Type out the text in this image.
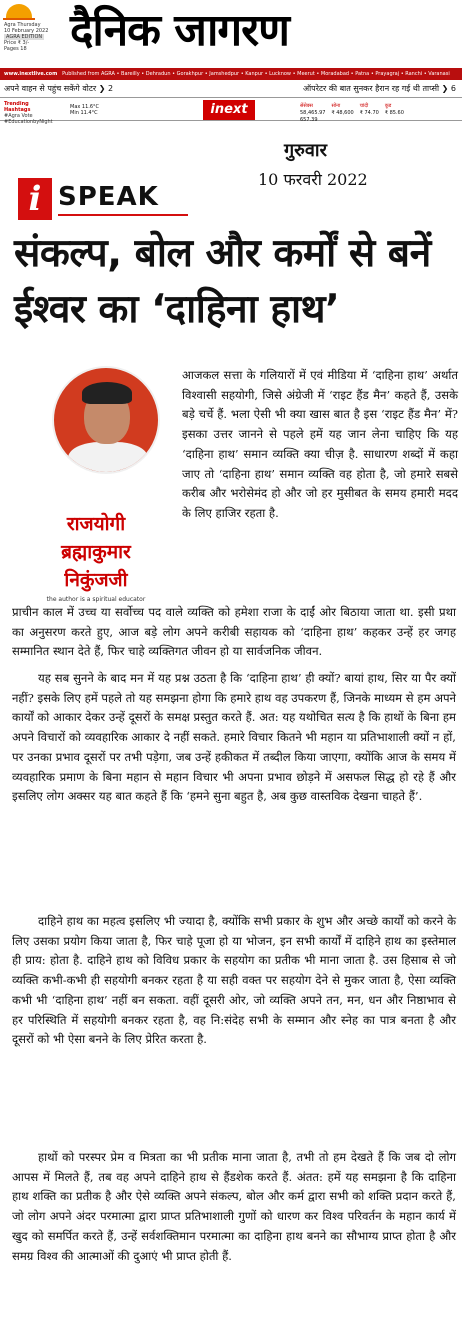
Agra Thursday
10 February 2022
AGRA EDITION
Price ₹ 3/-
Pages 18 दैनिक जागरण
www.inextlive.com Published from AGRA • Bareilly • Dehradun • Gorakhpur • Jamshedpur • Kanpur • Lucknow • Meerut • Moradabad • Patna • Prayagraj • Ranchi • Varanasi
अपने वाहन से पहुंच सकेंगे वोटर ❯ 2	ऑपरेटर की बात सुनकर हैरान रह गई थी ताप्सी ❯ 6
Trending Hashtags
#Agra Vote
#EducationbyNight
Max 11.6°C
Min 11.4°C	inext	सेंसेक्स
58,465.97
657.39
सोना
₹ 48,600
चांदी
₹ 74.70
कूड
₹ 85.60
गुरुवार
10 फरवरी 2022
i SPEAK
संकल्प, बोल और कर्मों से बनें ईश्वर का ‘दाहिना हाथ’
राजयोगी
ब्रह्माकुमार
निकुंजजी
the author is a spiritual educator
आजकल सत्ता के गलियारों में एवं मीडिया में ‘दाहिना हाथ’ अर्थात विश्वासी सहयोगी, जिसे अंग्रेजी में ‘राइट हैंड मैन’ कहते हैं, उसके बड़े चर्चे हैं. भला ऐसी भी क्या खास बात है इस ‘राइट हैंड मैन’ में? इसका उत्तर जानने से पहले हमें यह जान लेना चाहिए कि यह ‘दाहिना हाथ’ समान व्यक्ति क्या चीज़ है. साधारण शब्दों में कहा जाए तो ‘दाहिना हाथ’ समान व्यक्ति वह होता है, जो हमारे सबसे करीब और भरोसेमंद हो और जो हर मुसीबत के समय हमारी मदद के लिए हाजिर रहता है.
प्राचीन काल में उच्च या सर्वोच्च पद वाले व्यक्ति को हमेशा राजा के दाईं ओर बिठाया जाता था. इसी प्रथा का अनुसरण करते हुए, आज बड़े लोग अपने करीबी सहायक को ‘दाहिना हाथ’ कहकर उन्हें हर जगह सम्मानित स्थान देते हैं, फिर चाहे व्यक्तिगत जीवन हो या सार्वजनिक जीवन.
यह सब सुनने के बाद मन में यह प्रश्न उठता है कि ‘दाहिना हाथ’ ही क्यों? बायां हाथ, सिर या पैर क्यों नहीं? इसके लिए हमें पहले तो यह समझना होगा कि हमारे हाथ वह उपकरण हैं, जिनके माध्यम से हम अपने कार्यों को आकार देकर उन्हें दूसरों के समक्ष प्रस्तुत करते हैं. अत: यह यथोचित सत्य है कि हाथों के बिना हम अपने विचारों को व्यवहारिक आकार दे नहीं सकते. हमारे विचार कितने भी महान या प्रतिभाशाली क्यों न हों, पर उनका प्रभाव दूसरों पर तभी पड़ेगा, जब उन्हें हकीकत में तब्दील किया जाएगा, क्योंकि आज के समय में व्यवहारिक प्रमाण के बिना महान से महान विचार भी अपना प्रभाव छोड़ने में असफल सिद्ध हो रहे हैं और इसलिए लोग अक्सर यह बात कहते हैं कि ‘हमने सुना बहुत है, अब कुछ वास्तविक देखना चाहते हैं’.
दाहिने हाथ का महत्व इसलिए भी ज्यादा है, क्योंकि सभी प्रकार के शुभ और अच्छे कार्यों को करने के लिए उसका प्रयोग किया जाता है, फिर चाहे पूजा हो या भोजन, इन सभी कार्यों में दाहिने हाथ का इस्तेमाल ही प्राय: होता है. दाहिने हाथ को विविध प्रकार के सहयोग का प्रतीक भी माना जाता है. उस हिसाब से जो व्यक्ति कभी-कभी ही सहयोगी बनकर रहता है या सही वक्त पर सहयोग देने से मुकर जाता है, ऐसा व्यक्ति कभी भी ‘दाहिना हाथ’ नहीं बन सकता. वहीं दूसरी ओर, जो व्यक्ति अपने तन, मन, धन और निष्ठाभाव से हर परिस्थिति में सहयोगी बनकर रहता है, वह नि:संदेह सभी के सम्मान और स्नेह का पात्र बनता है और दूसरों को भी ऐसा बनने के लिए प्रेरित करता है.
हाथों को परस्पर प्रेम व मित्रता का भी प्रतीक माना जाता है, तभी तो हम देखते हैं कि जब दो लोग आपस में मिलते हैं, तब वह अपने दाहिने हाथ से हैंडशेक करते हैं. अंतत: हमें यह समझना है कि दाहिना हाथ शक्ति का प्रतीक है और ऐसे व्यक्ति अपने संकल्प, बोल और कर्म द्वारा सभी को शक्ति प्रदान करते हैं, जो लोग अपने अंदर परमात्मा द्वारा प्राप्त प्रतिभाशाली गुणों को धारण कर विश्व परिवर्तन के महान कार्य में खुद को समर्पित करते हैं, उन्हें सर्वशक्तिमान परमात्मा का दाहिना हाथ बनने का सौभाग्य प्राप्त होता है और समग्र विश्व की आत्माओं की दुआएं भी प्राप्त होती हैं.
